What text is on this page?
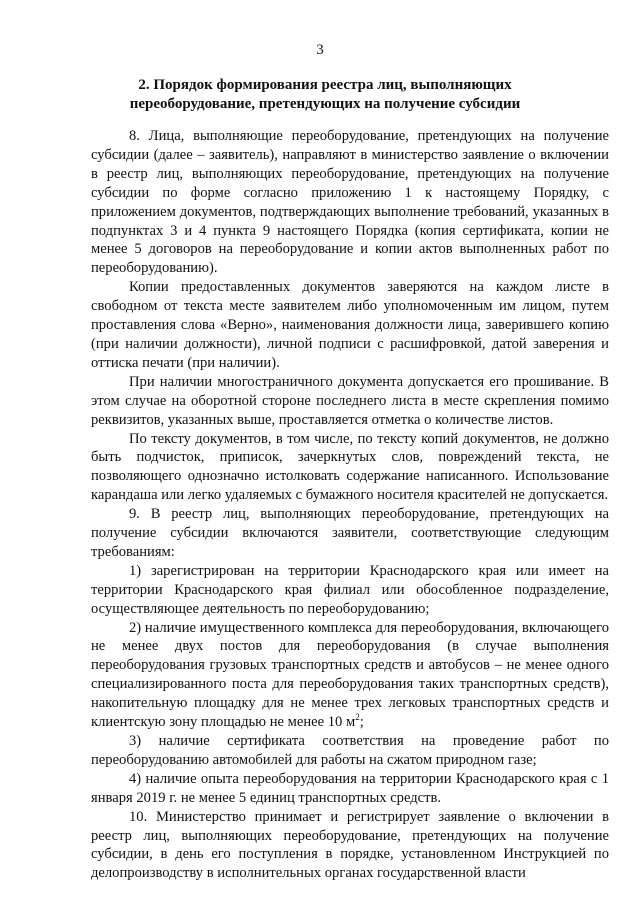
3
2. Порядок формирования реестра лиц, выполняющих
переоборудование, претендующих на получение субсидии

8. Лица, выполняющие переоборудование, претендующих на получение субсидии (далее – заявитель), направляют в министерство заявление о включении в реестр лиц, выполняющих переоборудование, претендующих на получение субсидии по форме согласно приложению 1 к настоящему Порядку, с приложением документов, подтверждающих выполнение требований, указанных в подпунктах 3 и 4 пункта 9 настоящего Порядка (копия сертификата, копии не менее 5 договоров на переоборудование и копии актов выполненных работ по переоборудованию).

Копии предоставленных документов заверяются на каждом листе в свободном от текста месте заявителем либо уполномоченным им лицом, путем проставления слова «Верно», наименования должности лица, заверившего копию (при наличии должности), личной подписи с расшифровкой, датой заверения и оттиска печати (при наличии).

При наличии многостраничного документа допускается его прошивание. В этом случае на оборотной стороне последнего листа в месте скрепления помимо реквизитов, указанных выше, проставляется отметка о количестве листов.

По тексту документов, в том числе, по тексту копий документов, не должно быть подчисток, приписок, зачеркнутых слов, повреждений текста, не позволяющего однозначно истолковать содержание написанного. Использование карандаша или легко удаляемых с бумажного носителя красителей не допускается.

9. В реестр лиц, выполняющих переоборудование, претендующих на получение субсидии включаются заявители, соответствующие следующим требованиям:

1) зарегистрирован на территории Краснодарского края или имеет на территории Краснодарского края филиал или обособленное подразделение, осуществляющее деятельность по переоборудованию;

2) наличие имущественного комплекса для переоборудования, включающего не менее двух постов для переоборудования (в случае выполнения переоборудования грузовых транспортных средств и автобусов – не менее одного специализированного поста для переоборудования таких транспортных средств), накопительную площадку для не менее трех легковых транспортных средств и клиентскую зону площадью не менее 10 $м^2$;

3) наличие сертификата соответствия на проведение работ по переоборудованию автомобилей для работы на сжатом природном газе;

4) наличие опыта переоборудования на территории Краснодарского края с 1 января 2019 г. не менее 5 единиц транспортных средств.

10. Министерство принимает и регистрирует заявление о включении в реестр лиц, выполняющих переоборудование, претендующих на получение субсидии, в день его поступления в порядке, установленном Инструкцией по делопроизводству в исполнительных органах государственной власти
